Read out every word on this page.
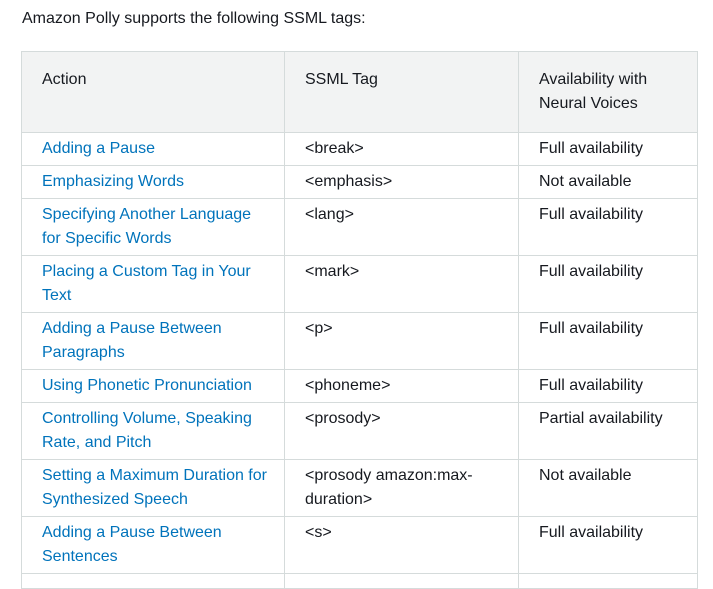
Amazon Polly supports the following SSML tags:

Action	SSML Tag	Availability with Neural Voices
Adding a Pause	<break>	Full availability
Emphasizing Words	<emphasis>	Not available
Specifying Another Language for Specific Words	<lang>	Full availability
Placing a Custom Tag in Your Text	<mark>	Full availability
Adding a Pause Between Paragraphs	<p>	Full availability
Using Phonetic Pronunciation	<phoneme>	Full availability
Controlling Volume, Speaking Rate, and Pitch	<prosody>	Partial availability
Setting a Maximum Duration for Synthesized Speech	<prosody amazon:max-duration>	Not available
Adding a Pause Between Sentences	<s>	Full availability
